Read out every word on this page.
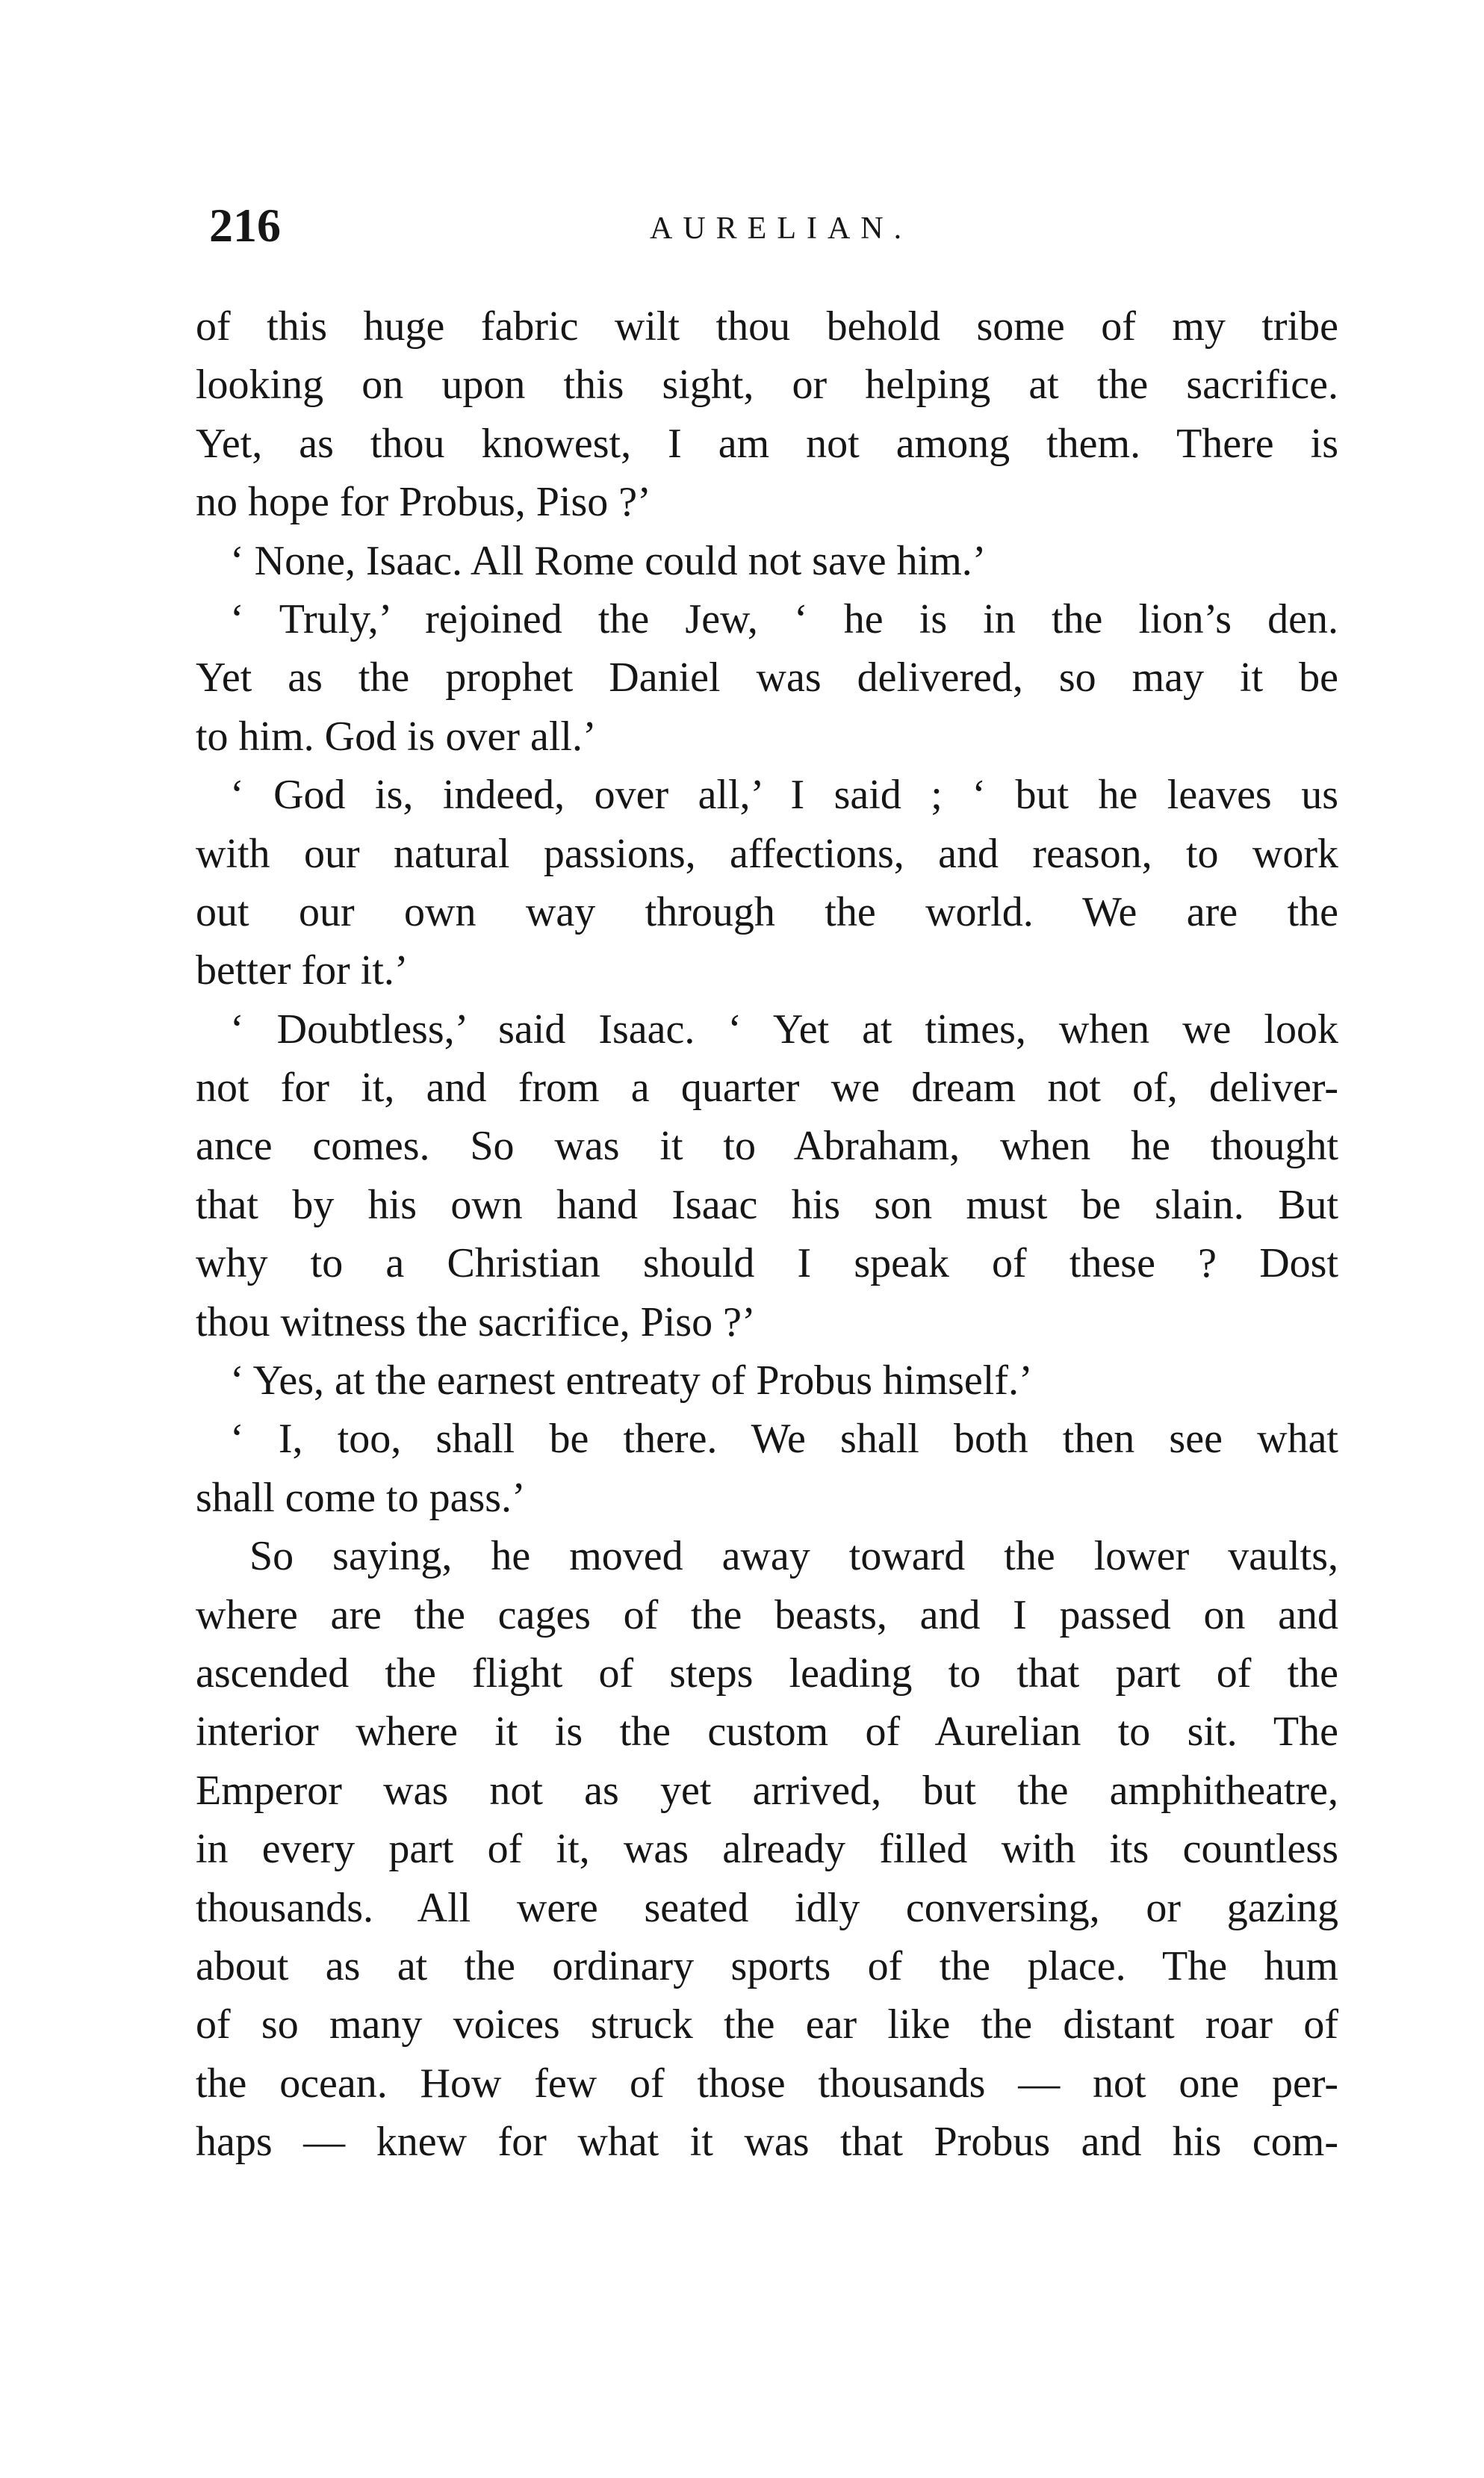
216	AURELIAN.
of this huge fabric wilt thou behold some of my tribe
looking on upon this sight, or helping at the sacrifice.
Yet, as thou knowest, I am not among them. There is
no hope for Probus, Piso ?’
‘ None, Isaac. All Rome could not save him.’
‘ Truly,’ rejoined the Jew, ‘ he is in the lion’s den.
Yet as the prophet Daniel was delivered, so may it be
to him. God is over all.’
‘ God is, indeed, over all,’ I said ; ‘ but he leaves us
with our natural passions, affections, and reason, to work
out our own way through the world. We are the
better for it.’
‘ Doubtless,’ said Isaac. ‘ Yet at times, when we look
not for it, and from a quarter we dream not of, deliver-
ance comes. So was it to Abraham, when he thought
that by his own hand Isaac his son must be slain. But
why to a Christian should I speak of these ? Dost
thou witness the sacrifice, Piso ?’
‘ Yes, at the earnest entreaty of Probus himself.’
‘ I, too, shall be there. We shall both then see what
shall come to pass.’
So saying, he moved away toward the lower vaults,
where are the cages of the beasts, and I passed on and
ascended the flight of steps leading to that part of the
interior where it is the custom of Aurelian to sit. The
Emperor was not as yet arrived, but the amphitheatre,
in every part of it, was already filled with its countless
thousands. All were seated idly conversing, or gazing
about as at the ordinary sports of the place. The hum
of so many voices struck the ear like the distant roar of
the ocean. How few of those thousands — not one per-
haps — knew for what it was that Probus and his com-
